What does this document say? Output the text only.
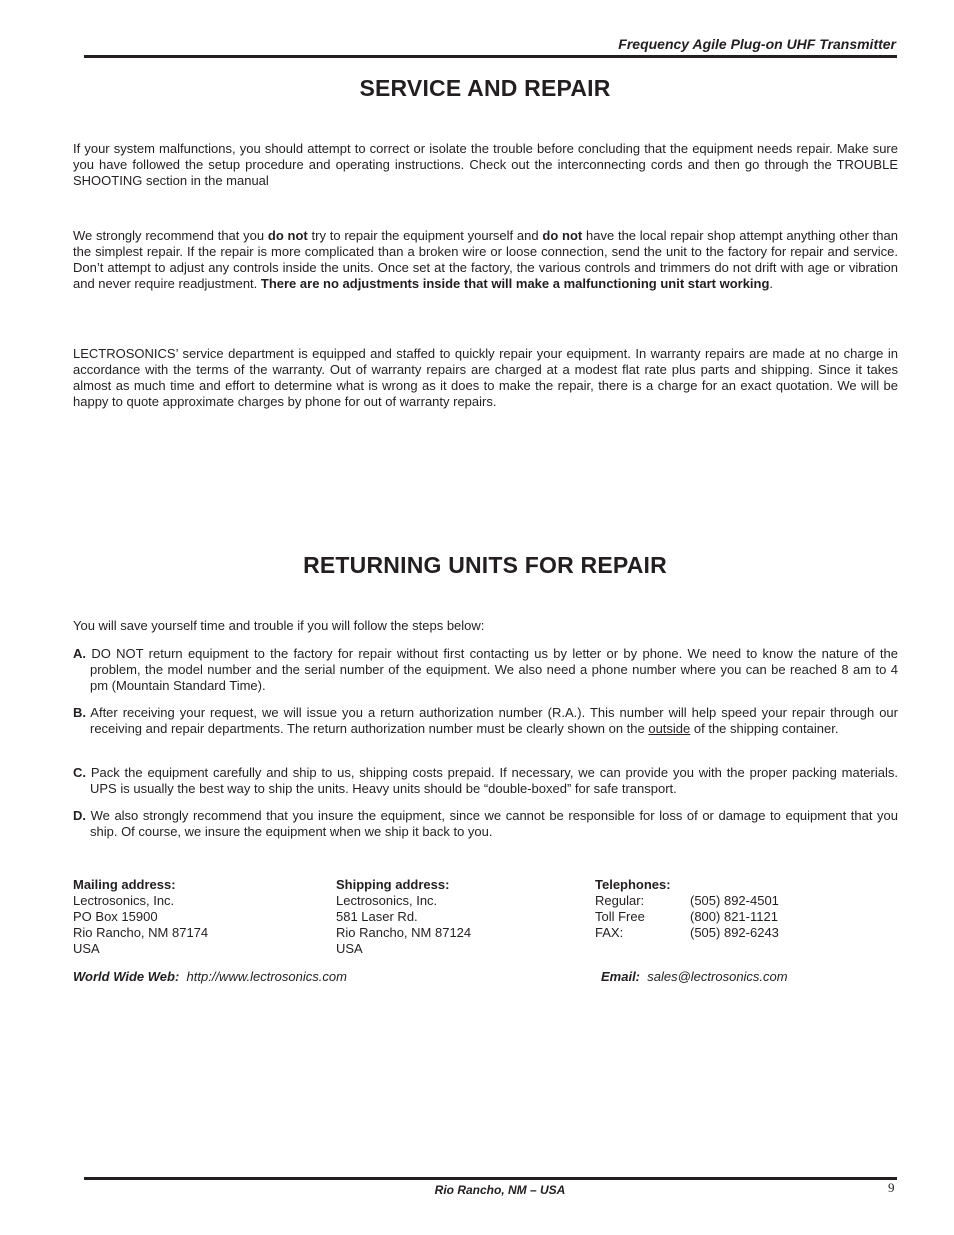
Frequency Agile Plug-on UHF Transmitter
SERVICE AND REPAIR

If your system malfunctions, you should attempt to correct or isolate the trouble before concluding that the equipment needs repair. Make sure you have followed the setup procedure and operating instructions. Check out the interconnecting cords and then go through the TROUBLE SHOOTING section in the manual

We strongly recommend that you do not try to repair the equipment yourself and do not have the local repair shop attempt anything other than the simplest repair. If the repair is more complicated than a broken wire or loose connection, send the unit to the factory for repair and service. Don’t attempt to adjust any controls inside the units. Once set at the factory, the various controls and trimmers do not drift with age or vibration and never require readjustment. There are no adjustments inside that will make a malfunctioning unit start working.

LECTROSONICS’ service department is equipped and staffed to quickly repair your equipment. In warranty repairs are made at no charge in accordance with the terms of the warranty. Out of warranty repairs are charged at a modest flat rate plus parts and shipping. Since it takes almost as much time and effort to determine what is wrong as it does to make the repair, there is a charge for an exact quotation. We will be happy to quote approximate charges by phone for out of warranty repairs.

RETURNING UNITS FOR REPAIR

You will save yourself time and trouble if you will follow the steps below:

A. DO NOT return equipment to the factory for repair without first contacting us by letter or by phone. We need to know the nature of the problem, the model number and the serial number of the equipment. We also need a phone number where you can be reached 8 am to 4 pm (Mountain Standard Time).

B. After receiving your request, we will issue you a return authorization number (R.A.). This number will help speed your repair through our receiving and repair departments. The return authorization number must be clearly shown on the outside of the shipping container.

C. Pack the equipment carefully and ship to us, shipping costs prepaid. If necessary, we can provide you with the proper packing materials. UPS is usually the best way to ship the units. Heavy units should be “double-boxed” for safe transport.

D. We also strongly recommend that you insure the equipment, since we cannot be responsible for loss of or damage to equipment that you ship. Of course, we insure the equipment when we ship it back to you.

Mailing address:
Lectrosonics, Inc.
PO Box 15900
Rio Rancho, NM 87174
USA
Shipping address:
Lectrosonics, Inc.
581 Laser Rd.
Rio Rancho, NM 87124
USA
Telephones:
Regular:	(505) 892-4501
Toll Free	(800) 821-1121
FAX:	(505) 892-6243
World Wide Web: http://www.lectrosonics.com	Email: sales@lectrosonics.com
Rio Rancho, NM – USA	9
